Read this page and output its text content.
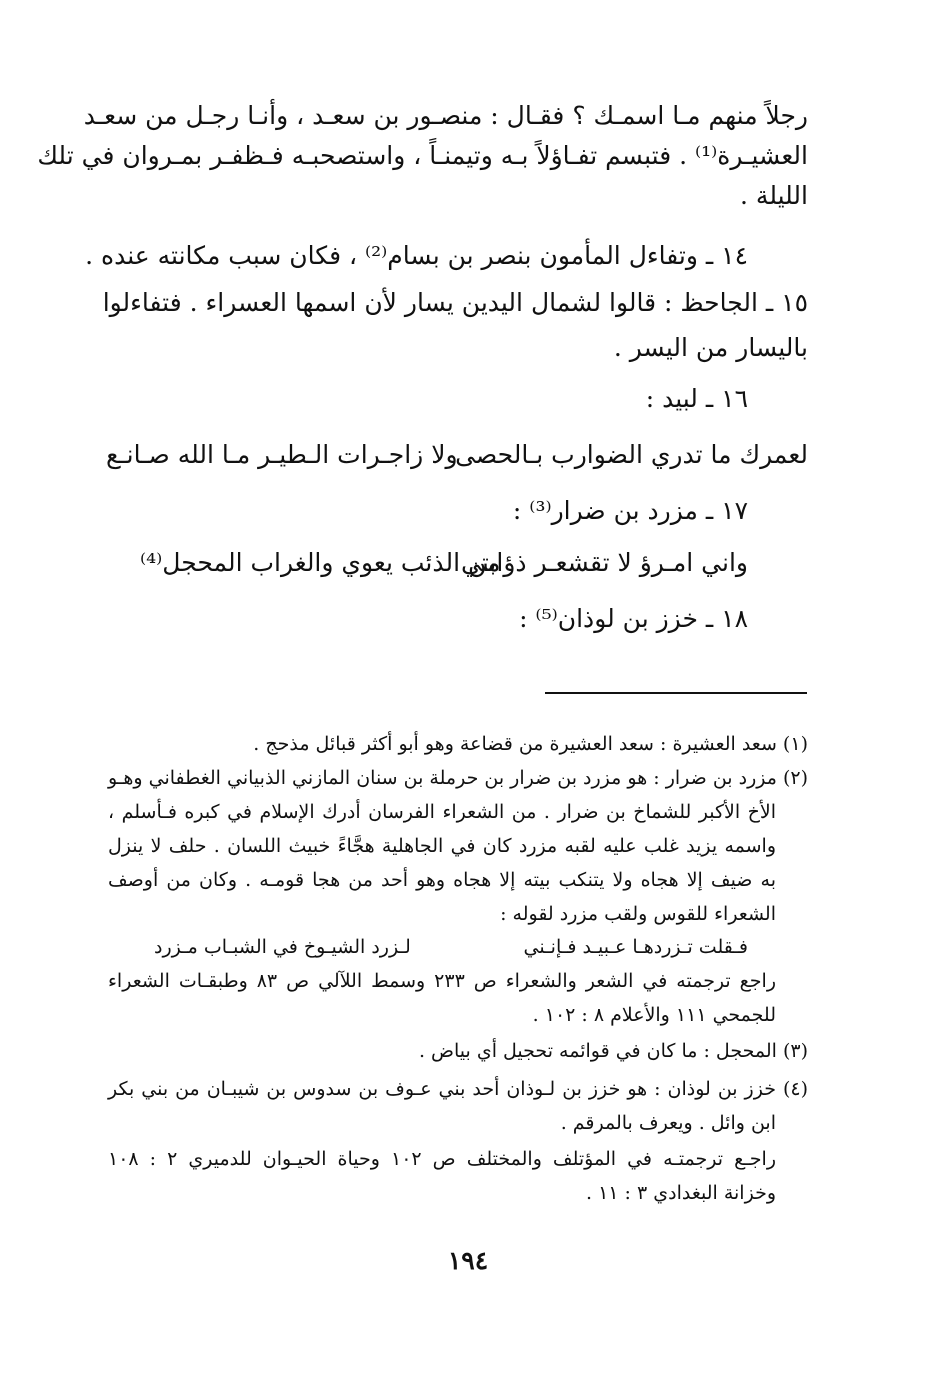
رجلاً منهم مـا اسمـك ؟ فقـال : منصـور بن سعـد ، وأنـا رجـل من سعـد
العشيـرة⁽¹⁾ . فتبسم تفـاؤلاً بـه وتيمنـاً ، واستصحبـه فـظفـر بمـروان في تلك
الليلة .
١٤ ـ وتفاءل المأمون بنصر بن بسام⁽²⁾ ، فكان سبب مكانته عنده .
١٥ ـ الجاحظ : قالوا لشمال اليدين يسار لأن اسمها العسراء . فتفاءلوا
باليسار من اليسر .
١٦ ـ لبيد :
لعمرك ما تدري الضوارب بـالحصى
ولا زاجـرات الـطيـر مـا الله صـانـع
١٧ ـ مزرد بن ضرار⁽³⁾ :
واني امـرؤ لا تقشعـر ذؤابتي
من الذئب يعوي والغراب المحجل⁽⁴⁾
١٨ ـ خزز بن لوذان⁽⁵⁾ :
(١) سعد العشيرة : سعد العشيرة من قضاعة وهو أبو أكثر قبائل مذحج .
(٢) مزرد بن ضرار : هو مزرد بن ضرار بن حرملة بن سنان المازني الذبياني الغطفاني وهـو
الأخ الأكبر للشماخ بن ضرار . من الشعراء الفرسان أدرك الإسلام في كبره فـأسلم ،
واسمه يزيد غلب عليه لقبه مزرد كان في الجاهلية هجَّاءً خبيث اللسان . حلف لا ينزل
به ضيف إلا هجاه ولا يتنكب بيته إلا هجاه وهو أحد من هجا قومـه . وكان من أوصف
الشعراء للقوس ولقب مزرد لقوله :
فـقلت تـزردهـا عـبيـد فـإنـني
لـزرد الشيـوخ في الشبـاب مـزرد
راجع ترجمته في الشعر والشعراء ص ٢٣٣ وسمط اللآلي ص ٨٣ وطبقـات الشعراء
للجمحي ١١١ والأعلام ٨ : ١٠٢ .
(٣) المحجل : ما كان في قوائمه تحجيل أي بياض .
(٤) خزز بن لوذان : هو خزز بن لـوذان أحد بني عـوف بن سدوس بن شيبـان من بني بكر
ابن وائل . ويعرف بالمرقم .
راجـع ترجمتـه في المؤتلف والمختلف ص ١٠٢ وحياة الحيـوان للدميري ٢ : ١٠٨
وخزانة البغدادي ٣ : ١١ .
١٩٤
